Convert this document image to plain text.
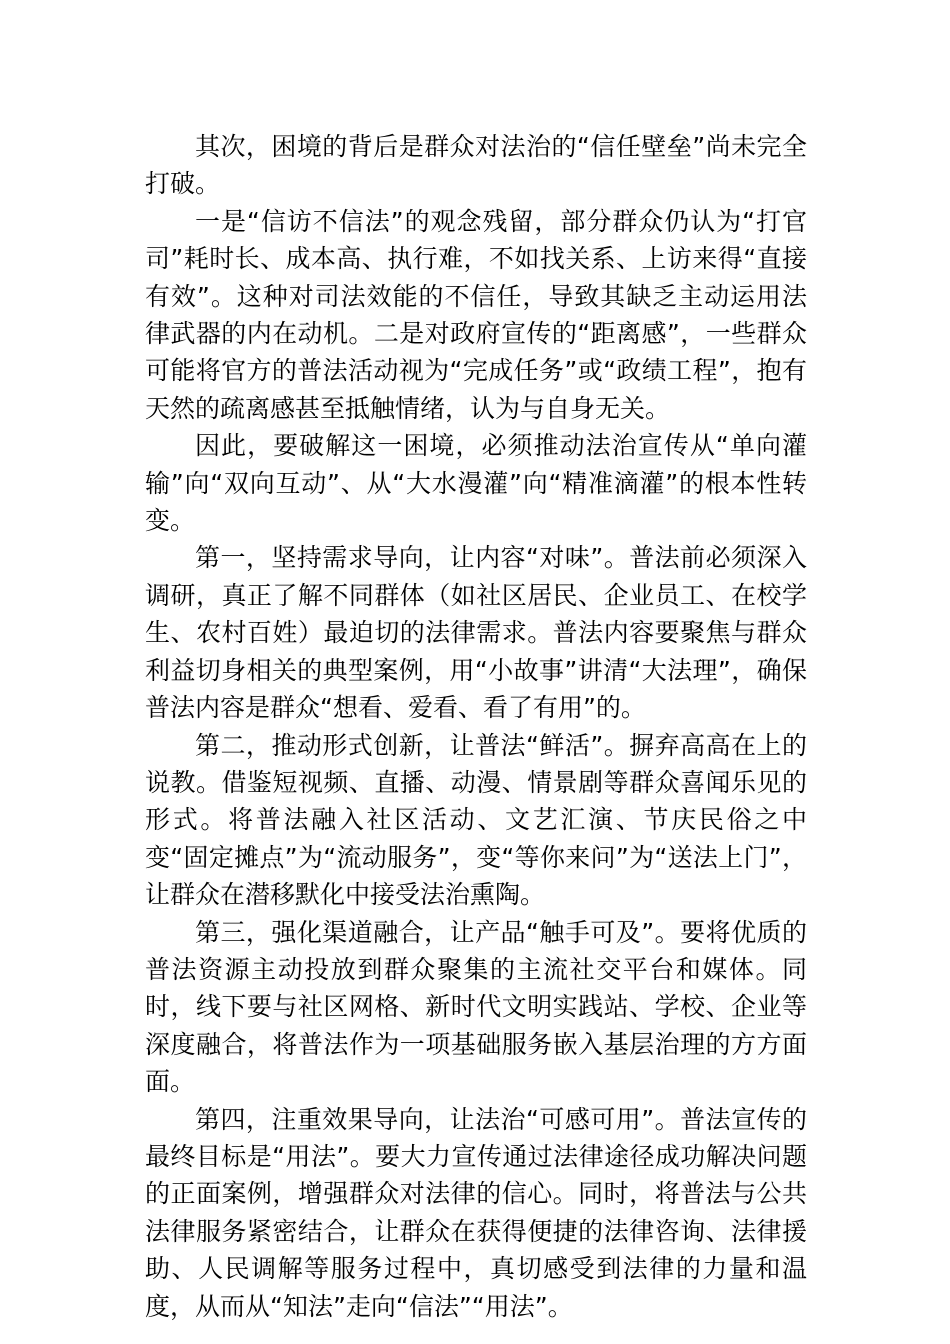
其次，困境的背后是群众对法治的“信任壁垒”尚未完全打破。

一是“信访不信法”的观念残留，部分群众仍认为“打官司”耗时长、成本高、执行难，不如找关系、上访来得“直接有效”。这种对司法效能的不信任，导致其缺乏主动运用法律武器的内在动机。二是对政府宣传的“距离感”，一些群众可能将官方的普法活动视为“完成任务”或“政绩工程”，抱有天然的疏离感甚至抵触情绪，认为与自身无关。

因此，要破解这一困境，必须推动法治宣传从“单向灌输”向“双向互动”、从“大水漫灌”向“精准滴灌”的根本性转变。

第一，坚持需求导向，让内容“对味”。普法前必须深入调研，真正了解不同群体（如社区居民、企业员工、在校学生、农村百姓）最迫切的法律需求。普法内容要聚焦与群众利益切身相关的典型案例，用“小故事”讲清“大法理”，确保普法内容是群众“想看、爱看、看了有用”的。

第二，推动形式创新，让普法“鲜活”。摒弃高高在上的说教。借鉴短视频、直播、动漫、情景剧等群众喜闻乐见的形式。将普法融入社区活动、文艺汇演、节庆民俗之中变“固定摊点”为“流动服务”，变“等你来问”为“送法上门”，让群众在潜移默化中接受法治熏陶。

第三，强化渠道融合，让产品“触手可及”。要将优质的普法资源主动投放到群众聚集的主流社交平台和媒体。同时，线下要与社区网格、新时代文明实践站、学校、企业等深度融合，将普法作为一项基础服务嵌入基层治理的方方面面。

第四，注重效果导向，让法治“可感可用”。普法宣传的最终目标是“用法”。要大力宣传通过法律途径成功解决问题的正面案例，增强群众对法律的信心。同时，将普法与公共法律服务紧密结合，让群众在获得便捷的法律咨询、法律援助、人民调解等服务过程中，真切感受到法律的力量和温度，从而从“知法”走向“信法”“用法”。
